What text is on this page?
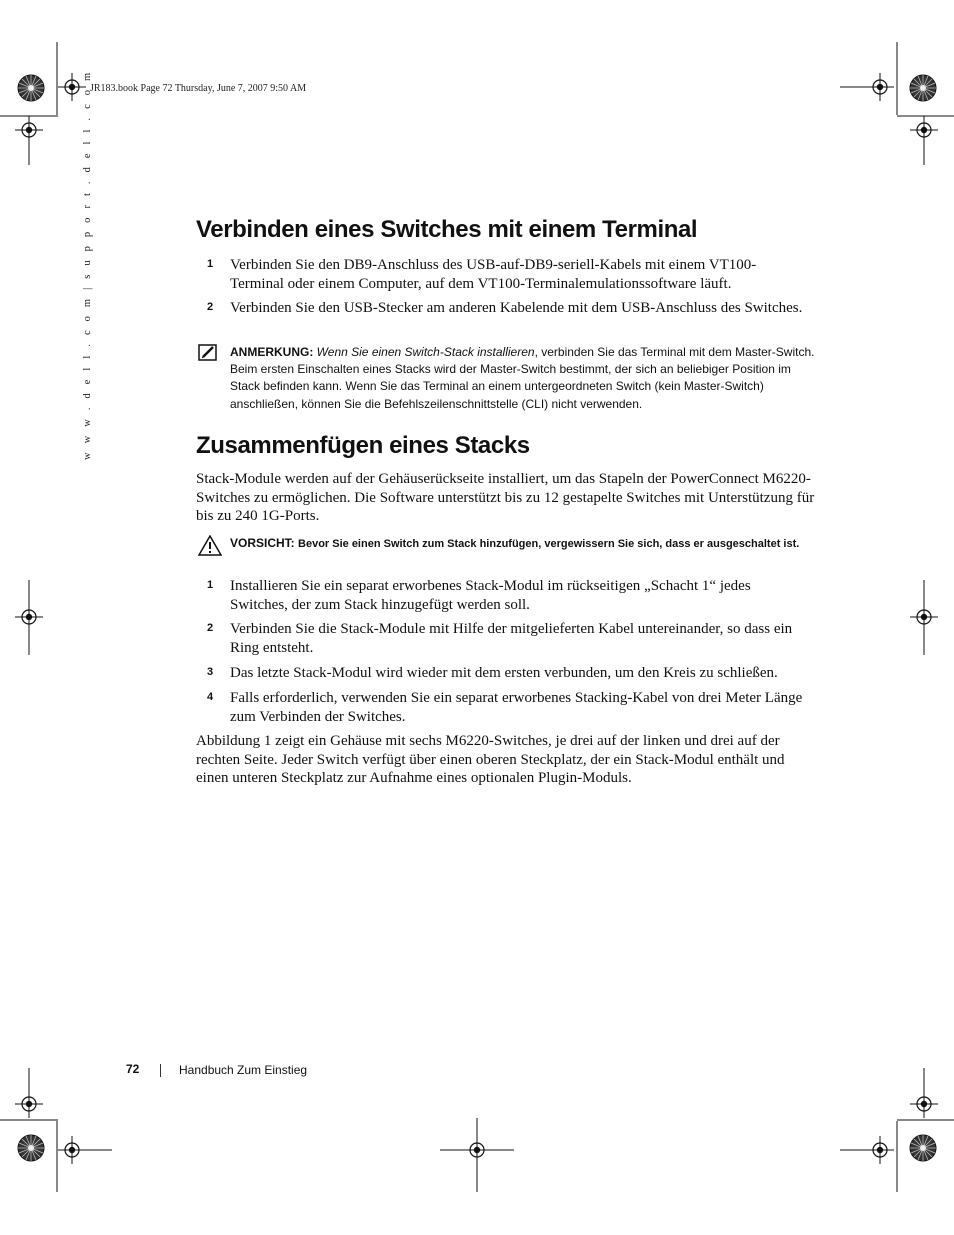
JR183.book Page 72 Thursday, June 7, 2007 9:50 AM
w w w . d e l l . c o m | s u p p o r t . d e l l . c o m	Verbinden eines Switches mit einem Terminal
1 Verbinden Sie den DB9-Anschluss des USB-auf-DB9-seriell-Kabels mit einem VT100-Terminal oder einem Computer, auf dem VT100-Terminalemulationssoftware läuft.
2 Verbinden Sie den USB-Stecker am anderen Kabelende mit dem USB-Anschluss des Switches.
ANMERKUNG: Wenn Sie einen Switch-Stack installieren, verbinden Sie das Terminal mit dem Master-Switch. Beim ersten Einschalten eines Stacks wird der Master-Switch bestimmt, der sich an beliebiger Position im Stack befinden kann. Wenn Sie das Terminal an einem untergeordneten Switch (kein Master-Switch) anschließen, können Sie die Befehlszeilenschnittstelle (CLI) nicht verwenden.
Zusammenfügen eines Stacks
Stack-Module werden auf der Gehäuserückseite installiert, um das Stapeln der PowerConnect M6220-Switches zu ermöglichen. Die Software unterstützt bis zu 12 gestapelte Switches mit Unterstützung für bis zu 240 1G-Ports.
VORSICHT: Bevor Sie einen Switch zum Stack hinzufügen, vergewissern Sie sich, dass er ausgeschaltet ist.
1 Installieren Sie ein separat erworbenes Stack-Modul im rückseitigen „Schacht 1“ jedes Switches, der zum Stack hinzugefügt werden soll.
2 Verbinden Sie die Stack-Module mit Hilfe der mitgelieferten Kabel untereinander, so dass ein Ring entsteht.
3 Das letzte Stack-Modul wird wieder mit dem ersten verbunden, um den Kreis zu schließen.
4 Falls erforderlich, verwenden Sie ein separat erworbenes Stacking-Kabel von drei Meter Länge zum Verbinden der Switches.
Abbildung 1 zeigt ein Gehäuse mit sechs M6220-Switches, je drei auf der linken und drei auf der rechten Seite. Jeder Switch verfügt über einen oberen Steckplatz, der ein Stack-Modul enthält und einen unteren Steckplatz zur Aufnahme eines optionalen Plugin-Moduls.
72	Handbuch Zum Einstieg
